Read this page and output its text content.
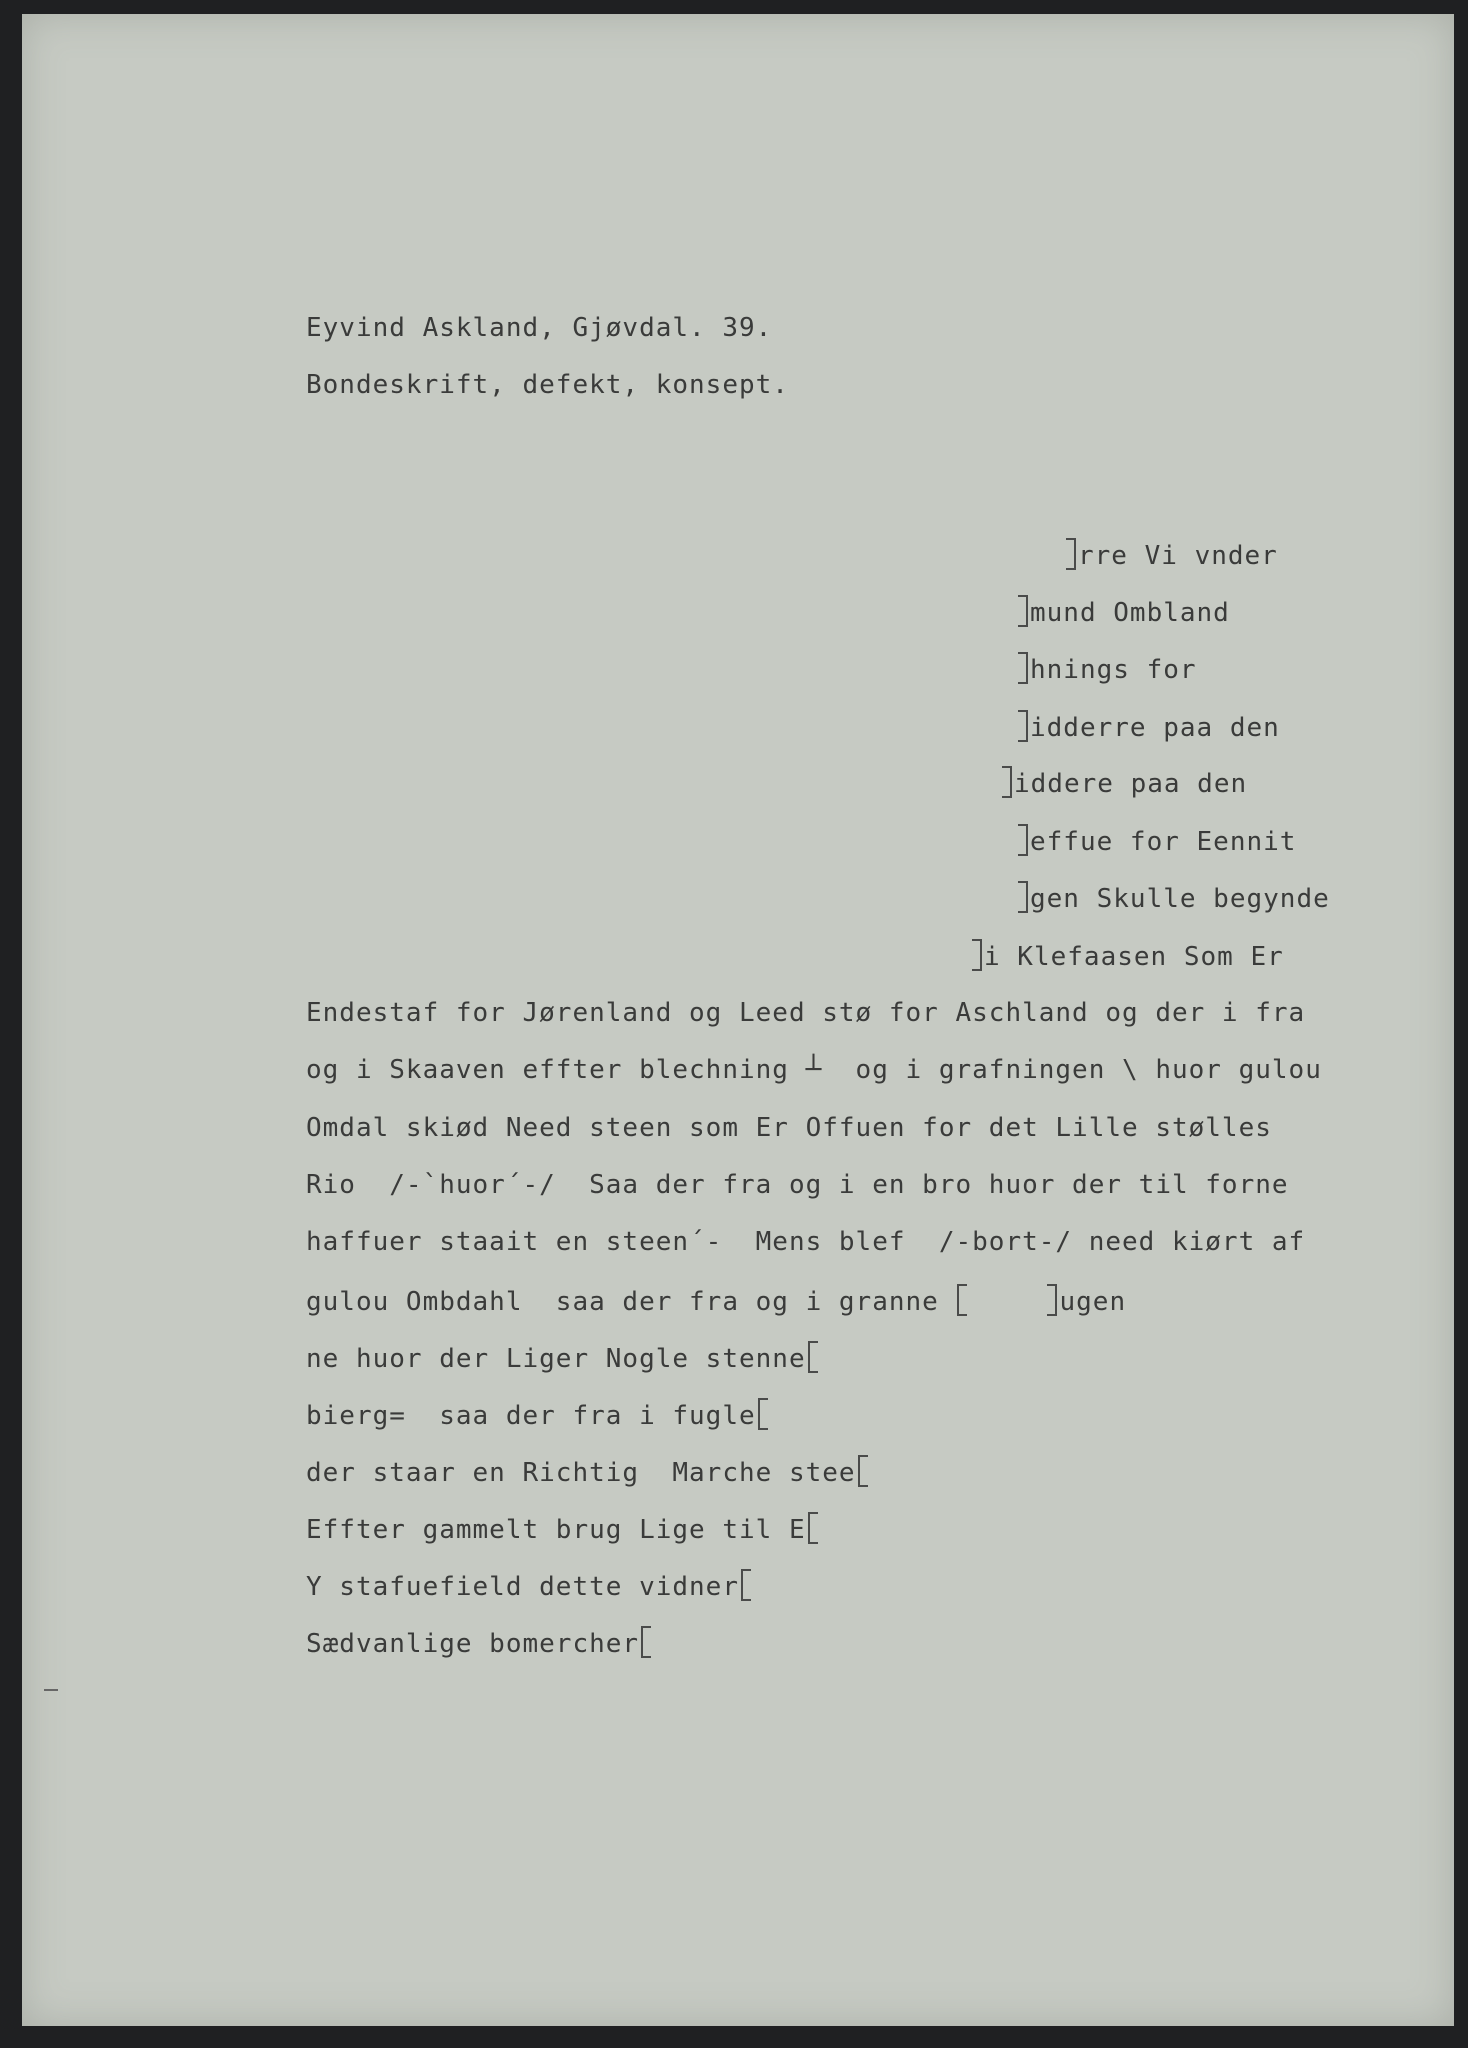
Eyvind Askland, Gjøvdal. 39.
Bondeskrift, defekt, konsept.
rre Vi vnder
mund Ombland
hnings for
idderre paa den
iddere paa den
effue for Eennit
gen Skulle begynde
i Klefaasen Som Er
Endestaf for Jørenland og Leed stø for Aschland og der i fra
og i Skaaven effter blechning ┴  og i grafningen \ huor gulou
Omdal skiød Need steen som Er Offuen for det Lille støllеs
Rio  /-`huor´-/  Saa der fra og i en bro huor der til forne
haffuer staait en steen´-  Mens blef  /-bort-/ need kiørt af
gulou Ombdahl  saa der fra og i granne	ugen
ne huor der Liger Nogle stenne
bierg=  saa der fra i fugle
der staar en Richtig  Marche stee
Effter gammelt brug Lige til E
Y stafuefield dette vidner
Sædvanlige bomercher
